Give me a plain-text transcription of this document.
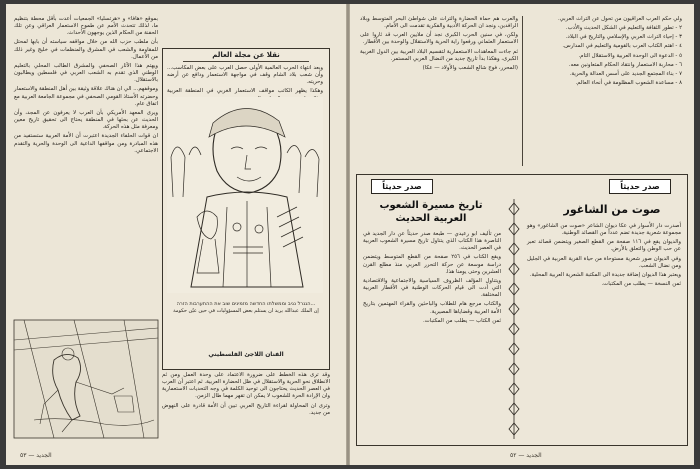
بموقع «هافا» و «هرتسليا» الجمعيات أعدت بأقل محطة بتنظيم ما، لذلك تتحدث الأمم عن طموح الاستعمار العراقي وعن تلك الحفنة من الحكام الذين يوجهون الأحداث.

بأن ملطب حزب الله من خلال مواقفه سياسته أن بابها لمحتل للمقاومة والشعب في المشرق والمنظمات في خليج وغير ذلك من الأعمال.

ويهتم هذا الآثار الصحفي والمشرق الطالب المحلي بالتعليم الوطني الذي تقدم به الشعب العربي في فلسطين ويطالبون بالاستقلال.

وموقفهم... الي ان هناك علاقة وثيقة بين أهل المنطقة والاستعمار وحضرته الأستاذ القومي الصحفي في مجموعة الجامعة العربية مع اتفاق عام.

ويرى المعهد الأمريكي بأن العرب لا يعرفون عن المجد، وأن الحديث عن بحثها في المنطقة يحتاج الى تحقيق تاريخ معين ومعرفة مثل هذه الحركة.

ان قوات الحلفاء الجديدة اعتبرت أن الأمة العربية ستستفيد من هذه المبادرة ومن مواقفها الداعية الى الوحدة والحرية والتقدم الاجتماعي.

نقلا عن مجلة العالم

وبعد انتهاء الحرب العالمية الأولى حصل العرب على بعض المكاسب... وأن شعب بلاد الشام وقف في مواجهة الاستعمار ودافع عن أرضه وحريته.

وهكذا يظهر الكاتب مواقف الاستعمار الغربي في المنطقة العربية

...הגנרל נגיב וממשלתו החדשה מזמינים שוב את ההתערבות הזרה
إن الملك عبدالله يريد ان يستلم بعض المسؤوليات في حين عيّن حكومة
الفنان اللاجئ الفلسطيني

وقد ترى هذه الخطط على ضرورة الاعتماد على وحدة العمل ومن ثم الانطلاق نحو الحرية والاستقلال في ظل الحضارة العربية. ثم اعتبر أن العرب في العصر الحديث يحتاجون الى توحيد الكلمة في وجه التحديات الاستعمارية وان الإرادة الحرة للشعوب لا يمكن ان تقهر مهما طال الزمن.

وترى ان المحاولة لقراءة التاريخ العربي تبين أن الأمة قادرة على النهوض من جديد.

الجديد — ٥٣

والعرب هم حماة الحضارة والتراث على شواطئ البحر المتوسط وبلاد الرافدين، ونجد ان الحركة الأدبية والفكرية تقدمت الى الأمام.

ولكن، في سنين الحرب الكبرى نجد أن ملايين العرب قد ثاروا على الاستعمار العثماني ورفعوا راية الحرية والاستقلال والوحدة بين الأقطار.

ثم جاءت المعاهدات الاستعمارية لتقسيم البلاد العربية بين الدول الغربية الكبرى، وهكذا بدأ تاريخ جديد من النضال العربي المستمر.

(المحرر، فوج شالع الشعب والأولاد — عكا)

ولي حكم العرب العراقيون من تحول عن التراث العربي.

٢ - تطور الثقافة والتعليم في الشكل الحديث والأدب.

٣ - إحياء التراث العربي والإسلامي والتاريخ في البلاد.

٤ - اهتم الكتاب العرب بالقومية والتعليم في المدارس.

٥ - الدعوة الى الوحدة العربية والاستقلال التام.

٦ - محاربة الاستعمار وانتقاد الحكام المتعاونين معه.

٧ - بناء المجتمع الجديد على أسس العدالة والحرية.

٨ - مساعدة الشعوب المظلومة في أنحاء العالم.

صدر حديثاً	صدر حديثاً
تاريخ مسيرة الشعوب العربية الحديث
صوت من الشاغور

من تأليف ابو رعيدي — طبعة صدر حديثاً عن دار الجديد في الناصرة هذا الكتاب الذي يتناول تاريخ مسيرة الشعوب العربية في العصر الحديث.

ويقع الكتاب في ٢٥٦ صفحة من القطع المتوسط ويتضمن دراسة موسعة عن حركة التحرر العربي منذ مطلع القرن العشرين وحتى يومنا هذا.

ويتناول المؤلف الظروف السياسية والاجتماعية والاقتصادية التي أدت الى قيام الحركات الوطنية في الأقطار العربية المختلفة.

والكتاب مرجع هام للطلاب والباحثين والقراء المهتمين بتاريخ الأمة العربية وقضاياها المصيرية.

ثمن الكتاب — يطلب من المكتبات.

أصدرت دار الأسوار في عكا ديوان الشاعر «صوت من الشاغور» وهو مجموعة شعرية جديدة تضم عدداً من القصائد الوطنية.

والديوان يقع في ١١٦ صفحة من القطع الصغير ويتضمن قصائد تعبر عن حب الوطن والتعلق بالأرض.

وفي الديوان صور شعرية مستوحاة من حياة القرية العربية في الجليل ومن نضال الشعب.

ويعتبر هذا الديوان إضافة جديدة الى المكتبة الشعرية العربية المحلية.

ثمن النسخة — يطلب من المكتبات.

الجديد — ٥٢
